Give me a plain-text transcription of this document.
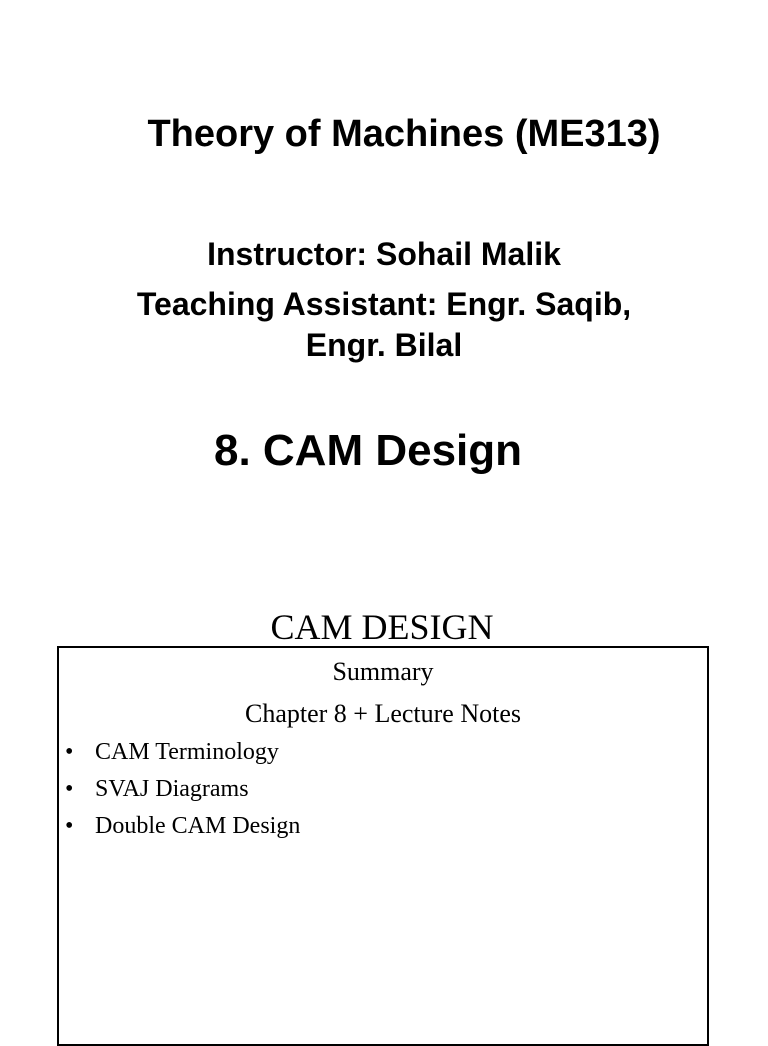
Theory of Machines (ME313)
Instructor: Sohail Malik
Teaching Assistant: Engr. Saqib,
Engr. Bilal
8. CAM Design
CAM DESIGN
Summary
Chapter 8 + Lecture Notes
• CAM Terminology
• SVAJ Diagrams
• Double CAM Design
